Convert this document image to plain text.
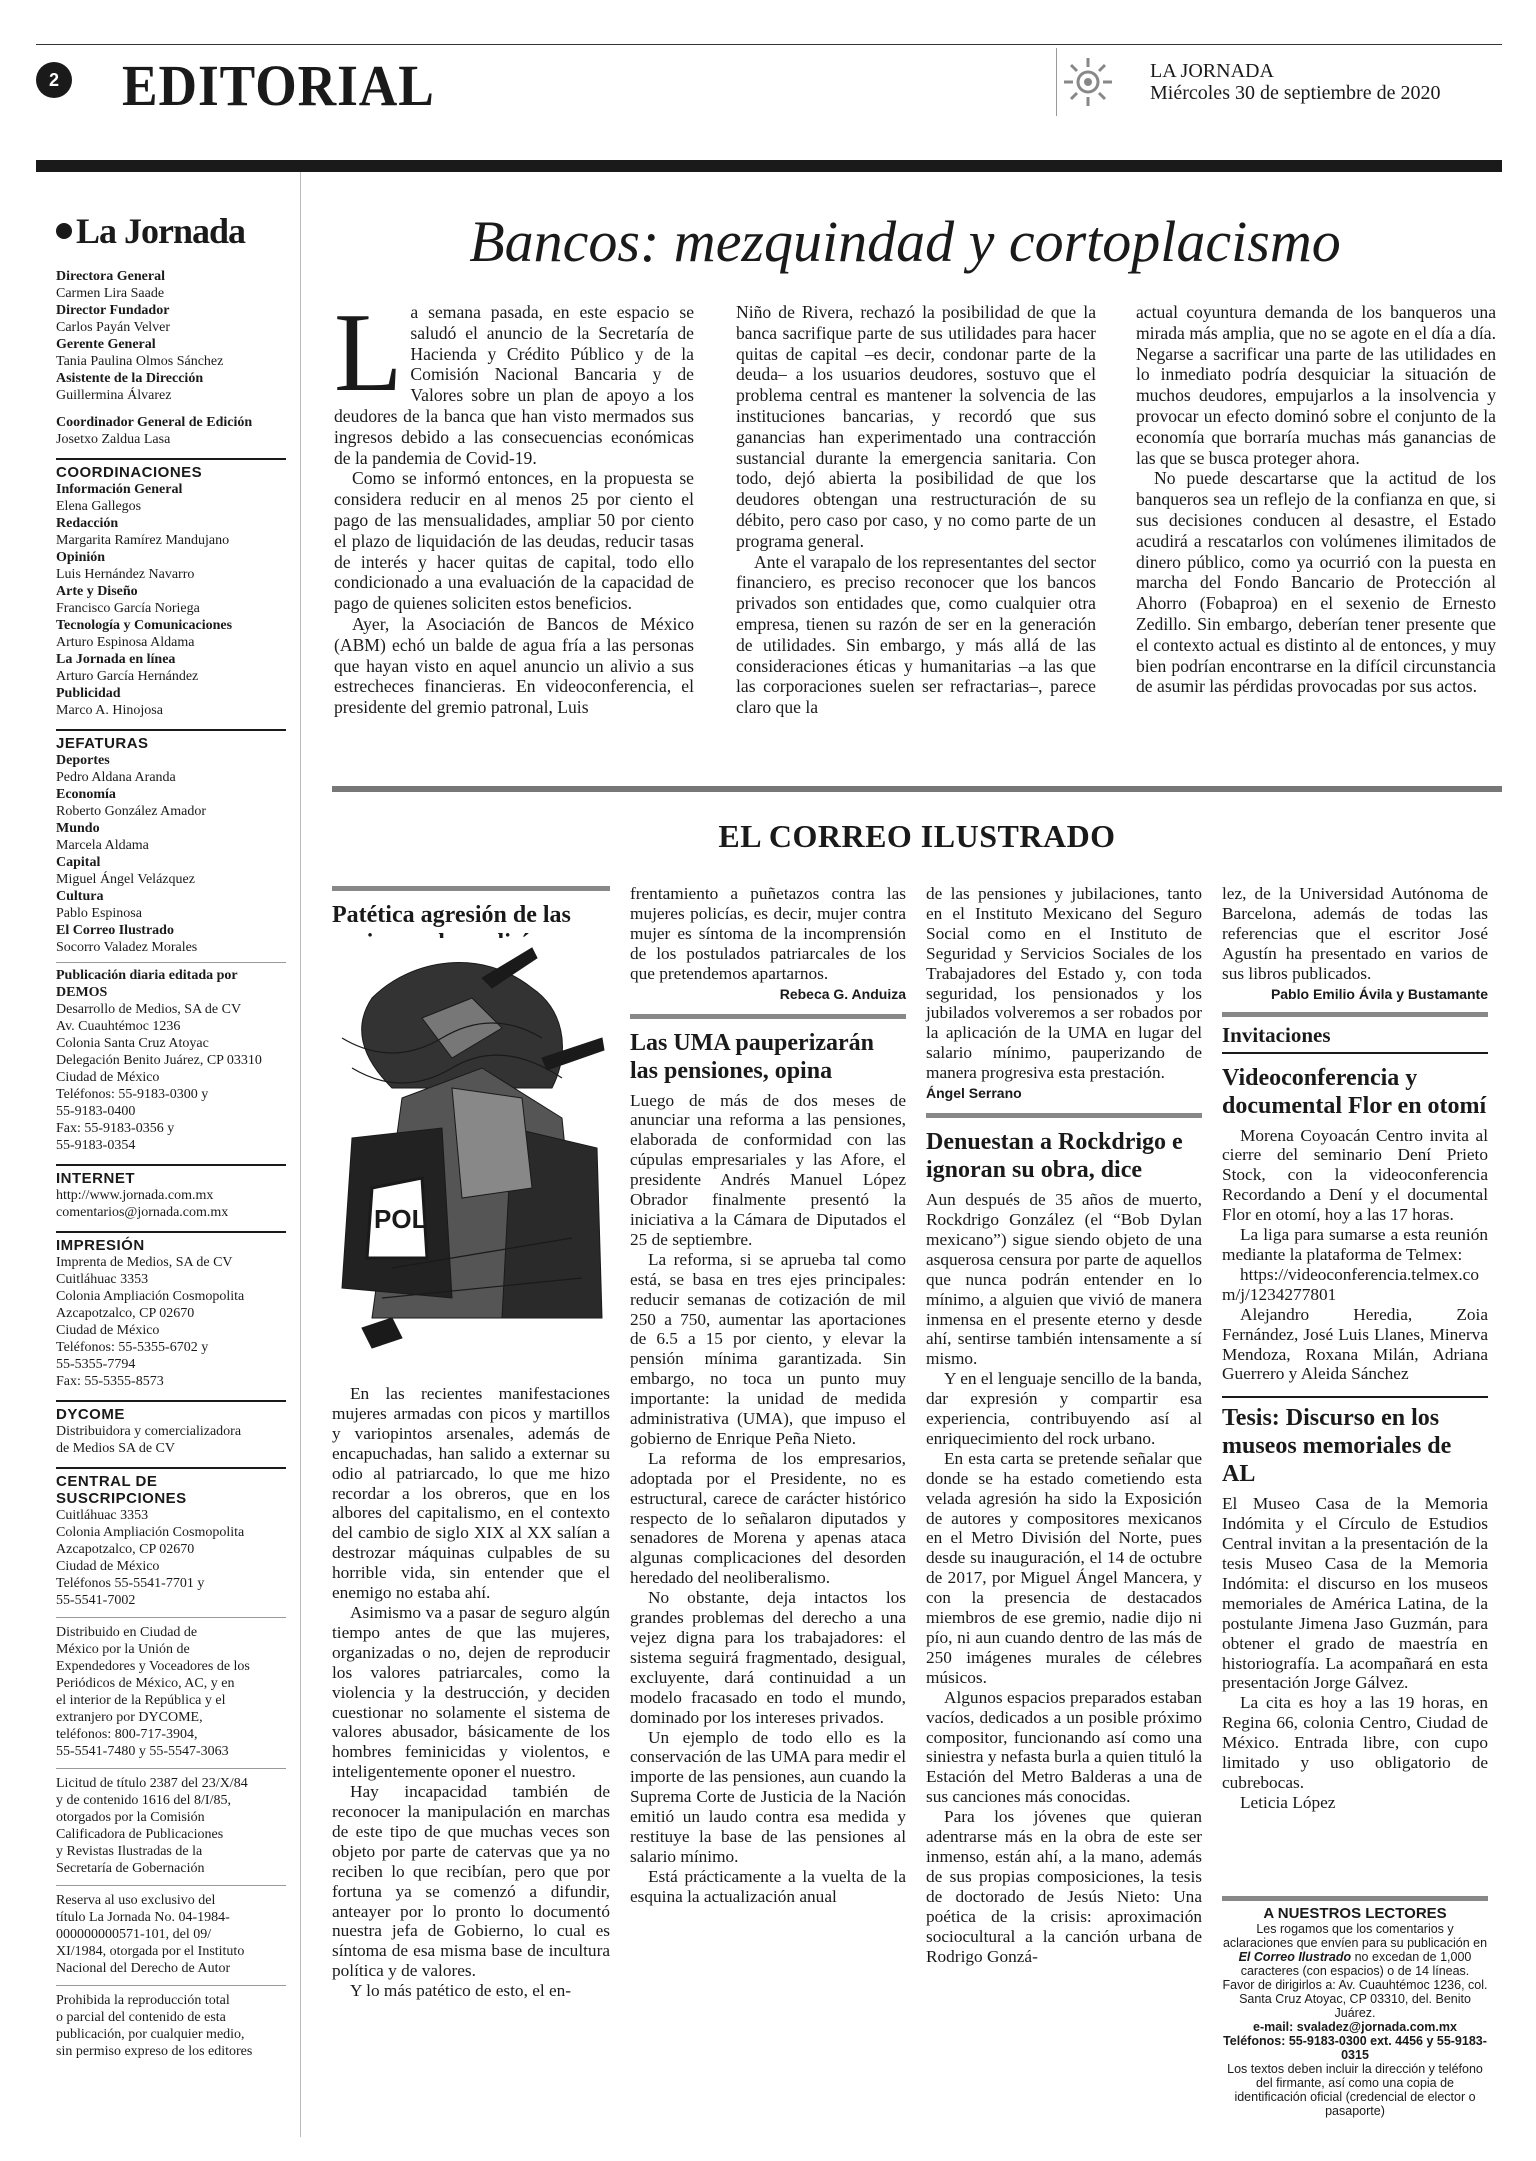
2 EDITORIAL	LA JORNADA
Miércoles 30 de septiembre de 2020
La Jornada
Directora General
Carmen Lira Saade
Director Fundador
Carlos Payán Velver
Gerente General
Tania Paulina Olmos Sánchez
Asistente de la Dirección
Guillermina Álvarez
Coordinador General de Edición
Josetxo Zaldua Lasa
COORDINACIONES
Información General
Elena Gallegos
Redacción
Margarita Ramírez Mandujano
Opinión
Luis Hernández Navarro
Arte y Diseño
Francisco García Noriega
Tecnología y Comunicaciones
Arturo Espinosa Aldama
La Jornada en línea
Arturo García Hernández
Publicidad
Marco A. Hinojosa
JEFATURAS
Deportes
Pedro Aldana Aranda
Economía
Roberto González Amador
Mundo
Marcela Aldama
Capital
Miguel Ángel Velázquez
Cultura
Pablo Espinosa
El Correo Ilustrado
Socorro Valadez Morales
Publicación diaria editada por DEMOS
Desarrollo de Medios, SA de CV
Av. Cuauhtémoc 1236
Colonia Santa Cruz Atoyac
Delegación Benito Juárez, CP 03310
Ciudad de México
Teléfonos: 55-9183-0300 y
55-9183-0400
Fax: 55-9183-0356 y
55-9183-0354
INTERNET
http://www.jornada.com.mx
comentarios@jornada.com.mx
IMPRESIÓN
Imprenta de Medios, SA de CV
Cuitláhuac 3353
Colonia Ampliación Cosmopolita
Azcapotzalco, CP 02670
Ciudad de México
Teléfonos: 55-5355-6702 y
55-5355-7794
Fax: 55-5355-8573
DYCOME
Distribuidora y comercializadora
de Medios SA de CV
CENTRAL DE SUSCRIPCIONES
Cuitláhuac 3353
Colonia Ampliación Cosmopolita
Azcapotzalco, CP 02670
Ciudad de México
Teléfonos 55-5541-7701 y
55-5541-7002
Distribuido en Ciudad de
México por la Unión de
Expendedores y Voceadores de los
Periódicos de México, AC, y en
el interior de la República y el
extranjero por DYCOME,
teléfonos: 800-717-3904,
55-5541-7480 y 55-5547-3063
Licitud de título 2387 del 23/X/84
y de contenido 1616 del 8/I/85,
otorgados por la Comisión
Calificadora de Publicaciones
y Revistas Ilustradas de la
Secretaría de Gobernación
Reserva al uso exclusivo del
título La Jornada No. 04-1984-
000000000571-101, del 09/
XI/1984, otorgada por el Instituto
Nacional del Derecho de Autor
Prohibida la reproducción total
o parcial del contenido de esta
publicación, por cualquier medio,
sin permiso expreso de los editores
Bancos: mezquindad y cortoplacismo
L a semana pasada, en este espacio se saludó el anuncio de la Secretaría de Hacienda y Crédito Público y de la Comisión Nacional Bancaria y de Valores sobre un plan de apoyo a los deudores de la banca que han visto mermados sus ingresos debido a las consecuencias económicas de la pandemia de Covid-19.

Como se informó entonces, en la propuesta se considera reducir en al menos 25 por ciento el pago de las mensualidades, ampliar 50 por ciento el plazo de liquidación de las deudas, reducir tasas de interés y hacer quitas de capital, todo ello condicionado a una evaluación de la capacidad de pago de quienes soliciten estos beneficios.

Ayer, la Asociación de Bancos de México (ABM) echó un balde de agua fría a las personas que hayan visto en aquel anuncio un alivio a sus estrecheces financieras. En videoconferencia, el presidente del gremio patronal, Luis

Niño de Rivera, rechazó la posibilidad de que la banca sacrifique parte de sus utilidades para hacer quitas de capital –es decir, condonar parte de la deuda– a los usuarios deudores, sostuvo que el problema central es mantener la solvencia de las instituciones bancarias, y recordó que sus ganancias han experimentado una contracción sustancial durante la emergencia sanitaria. Con todo, dejó abierta la posibilidad de que los deudores obtengan una restructuración de su débito, pero caso por caso, y no como parte de un programa general.

Ante el varapalo de los representantes del sector financiero, es preciso reconocer que los bancos privados son entidades que, como cualquier otra empresa, tienen su razón de ser en la generación de utilidades. Sin embargo, y más allá de las consideraciones éticas y humanitarias –a las que las corporaciones suelen ser refractarias–, parece claro que la

actual coyuntura demanda de los banqueros una mirada más amplia, que no se agote en el día a día. Negarse a sacrificar una parte de las utilidades en lo inmediato podría desquiciar la situación de muchos deudores, empujarlos a la insolvencia y provocar un efecto dominó sobre el conjunto de la economía que borraría muchas más ganancias de las que se busca proteger ahora.

No puede descartarse que la actitud de los banqueros sea un reflejo de la confianza en que, si sus decisiones conducen al desastre, el Estado acudirá a rescatarlos con volúmenes ilimitados de dinero público, como ya ocurrió con la puesta en marcha del Fondo Bancario de Protección al Ahorro (Fobaproa) en el sexenio de Ernesto Zedillo. Sin embargo, deberían tener presente que el contexto actual es distinto al de entonces, y muy bien podrían encontrarse en la difícil circunstancia de asumir las pérdidas provocadas por sus actos.

EL CORREO ILUSTRADO
Patética agresión de las
POL

En las recientes manifestaciones mujeres armadas con picos y martillos y variopintos arsenales, además de encapuchadas, han salido a externar su odio al patriarcado, lo que me hizo recordar a los obreros, que en los albores del capitalismo, en el contexto del cambio de siglo XIX al XX salían a destrozar máquinas culpables de su horrible vida, sin entender que el enemigo no estaba ahí.

Asimismo va a pasar de seguro algún tiempo antes de que las mujeres, organizadas o no, dejen de reproducir los valores patriarcales, como la violencia y la destrucción, y deciden cuestionar no solamente el sistema de valores abusador, básicamente de los hombres feminicidas y violentos, e inteligentemente oponer el nuestro.

Hay incapacidad también de reconocer la manipulación en marchas de este tipo de que muchas veces son objeto por parte de catervas que ya no reciben lo que recibían, pero que por fortuna ya se comenzó a difundir, anteayer por lo pronto lo documentó nuestra jefa de Gobierno, lo cual es síntoma de esa misma base de incultura política y de valores.

Y lo más patético de esto, el en-

frentamiento a puñetazos contra las mujeres policías, es decir, mujer contra mujer es síntoma de la incomprensión de los postulados patriarcales de los que pretendemos apartarnos.

Rebeca G. Anduiza
Las UMA pauperizarán las pensiones, opina

Luego de más de dos meses de anunciar una reforma a las pensiones, elaborada de conformidad con las cúpulas empresariales y las Afore, el presidente Andrés Manuel López Obrador finalmente presentó la iniciativa a la Cámara de Diputados el 25 de septiembre.

La reforma, si se aprueba tal como está, se basa en tres ejes principales: reducir semanas de cotización de mil 250 a 750, aumentar las aportaciones de 6.5 a 15 por ciento, y elevar la pensión mínima garantizada. Sin embargo, no toca un punto muy importante: la unidad de medida administrativa (UMA), que impuso el gobierno de Enrique Peña Nieto.

La reforma de los empresarios, adoptada por el Presidente, no es estructural, carece de carácter histórico respecto de lo señalaron diputados y senadores de Morena y apenas ataca algunas complicaciones del desorden heredado del neoliberalismo.

No obstante, deja intactos los grandes problemas del derecho a una vejez digna para los trabajadores: el sistema seguirá fragmentado, desigual, excluyente, dará continuidad a un modelo fracasado en todo el mundo, dominado por los intereses privados.

Un ejemplo de todo ello es la conservación de las UMA para medir el importe de las pensiones, aun cuando la Suprema Corte de Justicia de la Nación emitió un laudo contra esa medida y restituye la base de las pensiones al salario mínimo.

Está prácticamente a la vuelta de la esquina la actualización anual

de las pensiones y jubilaciones, tanto en el Instituto Mexicano del Seguro Social como en el Instituto de Seguridad y Servicios Sociales de los Trabajadores del Estado y, con toda seguridad, los pensionados y los jubilados volveremos a ser robados por la aplicación de la UMA en lugar del salario mínimo, pauperizando de manera progresiva esta prestación.

Ángel Serrano
Denuestan a Rockdrigo e ignoran su obra, dice

Aun después de 35 años de muerto, Rockdrigo González (el “Bob Dylan mexicano”) sigue siendo objeto de una asquerosa censura por parte de aquellos que nunca podrán entender en lo mínimo, a alguien que vivió de manera inmensa en el presente eterno y desde ahí, sentirse también intensamente a sí mismo.

Y en el lenguaje sencillo de la banda, dar expresión y compartir esa experiencia, contribuyendo así al enriquecimiento del rock urbano.

En esta carta se pretende señalar que donde se ha estado cometiendo esta velada agresión ha sido la Exposición de autores y compositores mexicanos en el Metro División del Norte, pues desde su inauguración, el 14 de octubre de 2017, por Miguel Ángel Mancera, y con la presencia de destacados miembros de ese gremio, nadie dijo ni pío, ni aun cuando dentro de las más de 250 imágenes murales de célebres músicos.

Algunos espacios preparados estaban vacíos, dedicados a un posible próximo compositor, funcionando así como una siniestra y nefasta burla a quien tituló la Estación del Metro Balderas a una de sus canciones más conocidas.

Para los jóvenes que quieran adentrarse más en la obra de este ser inmenso, están ahí, a la mano, además de sus propias composiciones, la tesis de doctorado de Jesús Nieto: Una poética de la crisis: aproximación sociocultural a la canción urbana de Rodrigo Gonzá-

lez, de la Universidad Autónoma de Barcelona, además de todas las referencias que el escritor José Agustín ha presentado en varios de sus libros publicados.

Pablo Emilio Ávila y Bustamante
Invitaciones
Videoconferencia y documental Flor en otomí

Morena Coyoacán Centro invita al cierre del seminario Dení Prieto Stock, con la videoconferencia Recordando a Dení y el documental Flor en otomí, hoy a las 17 horas.

La liga para sumarse a esta reunión mediante la plataforma de Telmex:

https://videoconferencia.telmex.com/j/1234277801

Alejandro Heredia, Zoia Fernández, José Luis Llanes, Minerva Mendoza, Roxana Milán, Adriana Guerrero y Aleida Sánchez

Tesis: Discurso en los museos memoriales de AL

El Museo Casa de la Memoria Indómita y el Círculo de Estudios Central invitan a la presentación de la tesis Museo Casa de la Memoria Indómita: el discurso en los museos memoriales de América Latina, de la postulante Jimena Jaso Guzmán, para obtener el grado de maestría en historiografía. La acompañará en esta presentación Jorge Gálvez.

La cita es hoy a las 19 horas, en Regina 66, colonia Centro, Ciudad de México. Entrada libre, con cupo limitado y uso obligatorio de cubrebocas.

Leticia López

A NUESTROS LECTORES
Les rogamos que los comentarios y aclaraciones que envíen para su publicación en El Correo Ilustrado no excedan de 1,000 caracteres (con espacios) o de 14 líneas.
Favor de dirigirlos a: Av. Cuauhtémoc 1236, col. Santa Cruz Atoyac, CP 03310, del. Benito Juárez.
e-mail: svaladez@jornada.com.mx Teléfonos: 55-9183-0300 ext. 4456 y 55-9183-0315
Los textos deben incluir la dirección y teléfono del firmante, así como una copia de identificación oficial (credencial de elector o pasaporte)
